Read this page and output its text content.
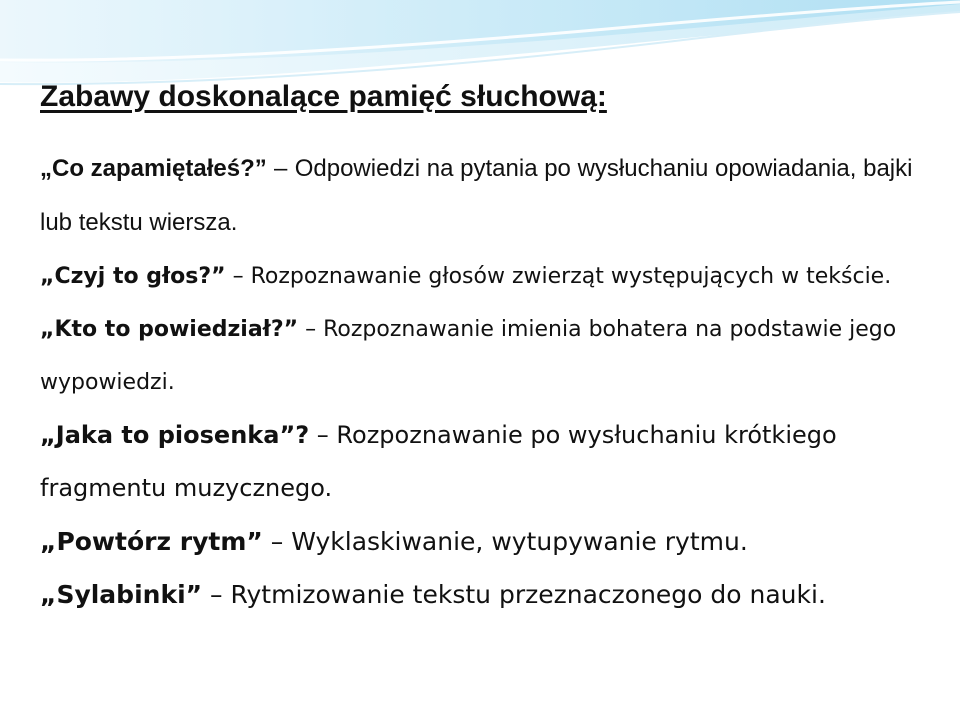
Zabawy doskonalące pamięć słuchową:

„Co zapamiętałeś?” – Odpowiedzi na pytania po wysłuchaniu opowiadania, bajki lub tekstu wiersza.

„Czyj to głos?” – Rozpoznawanie głosów zwierząt występujących w tekście.

„Kto to powiedział?” – Rozpoznawanie imienia bohatera na podstawie jego wypowiedzi.

„Jaka to piosenka”? – Rozpoznawanie po wysłuchaniu krótkiego fragmentu muzycznego.

„Powtórz rytm” – Wyklaskiwanie, wytupywanie rytmu.

„Sylabinki” – Rytmizowanie tekstu przeznaczonego do nauki.
